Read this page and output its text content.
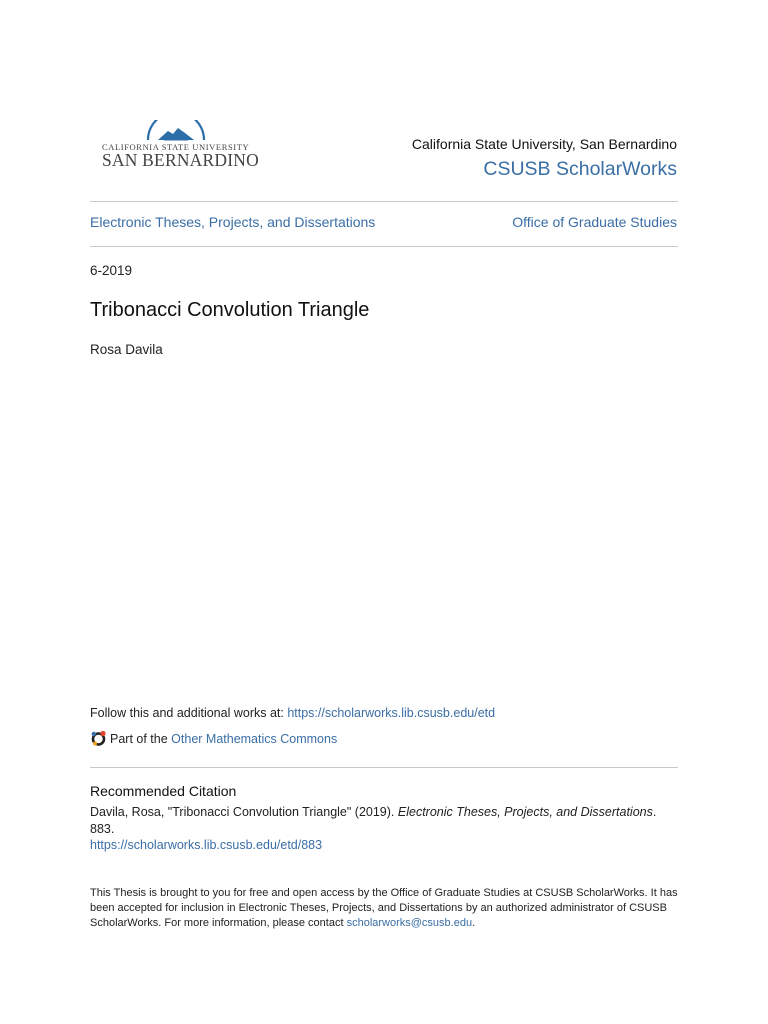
CALIFORNIA STATE UNIVERSITY
SAN BERNARDINO
California State University, San Bernardino
CSUSB ScholarWorks
Electronic Theses, Projects, and Dissertations	Office of Graduate Studies
6-2019
Tribonacci Convolution Triangle
Rosa Davila
Follow this and additional works at: https://scholarworks.lib.csusb.edu/etd
Part of the
Other Mathematics Commons
Recommended Citation
Davila, Rosa, "Tribonacci Convolution Triangle" (2019). Electronic Theses, Projects, and Dissertations. 883.
https://scholarworks.lib.csusb.edu/etd/883
This Thesis is brought to you for free and open access by the Office of Graduate Studies at CSUSB ScholarWorks. It has been accepted for inclusion in Electronic Theses, Projects, and Dissertations by an authorized administrator of CSUSB ScholarWorks. For more information, please contact scholarworks@csusb.edu.
